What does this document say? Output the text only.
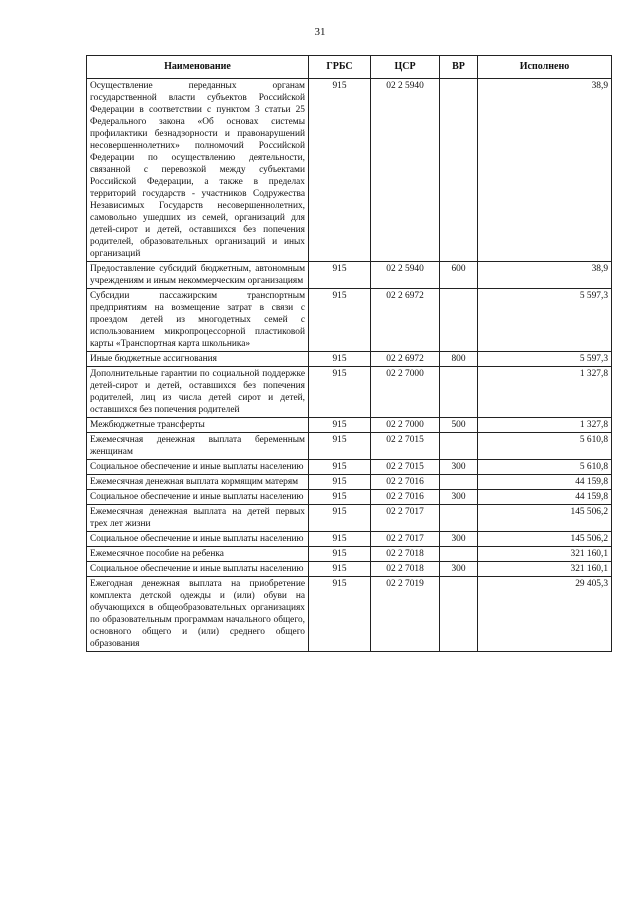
31
Наименование	ГРБС	ЦСР	ВР	Исполнено
Осуществление переданных органам государственной власти субъектов Российской Федерации в соответствии с пунктом 3 статьи 25 Федерального закона «Об основах системы профилактики безнадзорности и правонарушений несовершеннолетних» полномочий Российской Федерации по осуществлению деятельности, связанной с перевозкой между субъектами Российской Федерации, а также в пределах территорий государств - участников Содружества Независимых Государств несовершеннолетних, самовольно ушедших из семей, организаций для детей-сирот и детей, оставшихся без попечения родителей, образовательных организаций и иных организаций	915	02 2 5940		38,9
Предоставление субсидий бюджетным, автономным учреждениям и иным некоммерческим организациям	915	02 2 5940	600	38,9
Субсидии пассажирским транспортным предприятиям на возмещение затрат в связи с проездом детей из многодетных семей с использованием микропроцессорной пластиковой карты «Транспортная карта школьника»	915	02 2 6972		5 597,3
Иные бюджетные ассигнования	915	02 2 6972	800	5 597,3
Дополнительные гарантии по социальной поддержке детей-сирот и детей, оставшихся без попечения родителей, лиц из числа детей сирот и детей, оставшихся без попечения родителей	915	02 2 7000		1 327,8
Межбюджетные трансферты	915	02 2 7000	500	1 327,8
Ежемесячная денежная выплата беременным женщинам	915	02 2 7015		5 610,8
Социальное обеспечение и иные выплаты населению	915	02 2 7015	300	5 610,8
Ежемесячная денежная выплата кормящим матерям	915	02 2 7016		44 159,8
Социальное обеспечение и иные выплаты населению	915	02 2 7016	300	44 159,8
Ежемесячная денежная выплата на детей первых трех лет жизни	915	02 2 7017		145 506,2
Социальное обеспечение и иные выплаты населению	915	02 2 7017	300	145 506,2
Ежемесячное пособие на ребенка	915	02 2 7018		321 160,1
Социальное обеспечение и иные выплаты населению	915	02 2 7018	300	321 160,1
Ежегодная денежная выплата на приобретение комплекта детской одежды и (или) обуви на обучающихся в общеобразовательных организациях по образовательным программам начального общего, основного общего и (или) среднего общего образования	915	02 2 7019		29 405,3
